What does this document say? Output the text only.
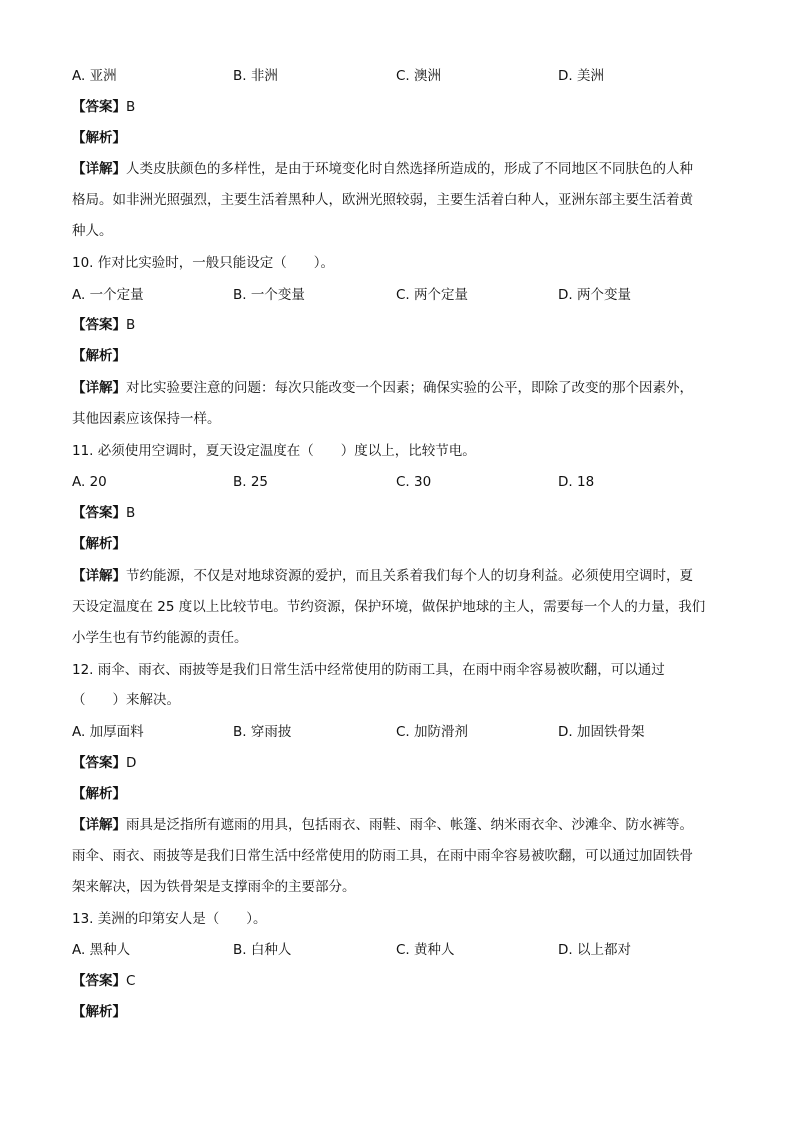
A. 亚洲	B. 非洲	C. 澳洲	D. 美洲
【答案】B
【解析】
【详解】人类皮肤颜色的多样性，是由于环境变化时自然选择所造成的，形成了不同地区不同肤色的人种
格局。如非洲光照强烈，主要生活着黑种人，欧洲光照较弱，主要生活着白种人，亚洲东部主要生活着黄
种人。
10. 作对比实验时，一般只能设定（　　）。
A. 一个定量	B. 一个变量	C. 两个定量	D. 两个变量
【答案】B
【解析】
【详解】对比实验要注意的问题：每次只能改变一个因素；确保实验的公平，即除了改变的那个因素外，
其他因素应该保持一样。
11. 必须使用空调时，夏天设定温度在（　　）度以上，比较节电。
A. 20	B. 25	C. 30	D. 18
【答案】B
【解析】
【详解】节约能源，不仅是对地球资源的爱护，而且关系着我们每个人的切身利益。必须使用空调时，夏
天设定温度在 25 度以上比较节电。节约资源，保护环境，做保护地球的主人，需要每一个人的力量，我们
小学生也有节约能源的责任。
12. 雨伞、雨衣、雨披等是我们日常生活中经常使用的防雨工具，在雨中雨伞容易被吹翻，可以通过
（　　）来解决。
A. 加厚面料	B. 穿雨披	C. 加防滑剂	D. 加固铁骨架
【答案】D
【解析】
【详解】雨具是泛指所有遮雨的用具，包括雨衣、雨鞋、雨伞、帐篷、纳米雨衣伞、沙滩伞、防水裤等。
雨伞、雨衣、雨披等是我们日常生活中经常使用的防雨工具，在雨中雨伞容易被吹翻，可以通过加固铁骨
架来解决，因为铁骨架是支撑雨伞的主要部分。
13. 美洲的印第安人是（　　）。
A. 黑种人	B. 白种人	C. 黄种人	D. 以上都对
【答案】C
【解析】
